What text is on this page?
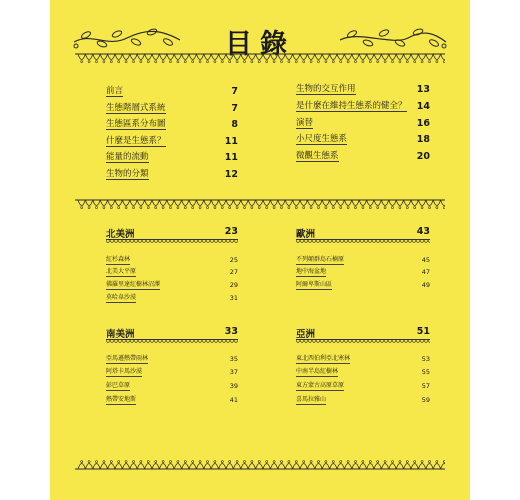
目錄
前言	7
生態階層式系統	7
生態區系分布圖	8
什麼是生態系？	11
能量的流動	11
生物的分類	12
生物的交互作用	13
是什麼在維持生態系的健全？ 14
演替	16
小尺度生態系	18
微觀生態系	20
北美洲	23
紅杉森林	25
北美大平原	27
佛羅里達紅樹林沼澤	29
莫哈韋沙漠	31
歐洲	43
不列顛群島石楠原	45
地中海盆地	47
阿爾卑斯山區	49
南美洲	33
亞馬遜熱帶雨林	35
阿塔卡馬沙漠	37
彭巴草原	39
熱帶安地斯	41
亞洲	51
東北西伯利亞北寒林	53
中南半島紅樹林	55
東方蒙古高原草原	57
喜馬拉雅山	59
